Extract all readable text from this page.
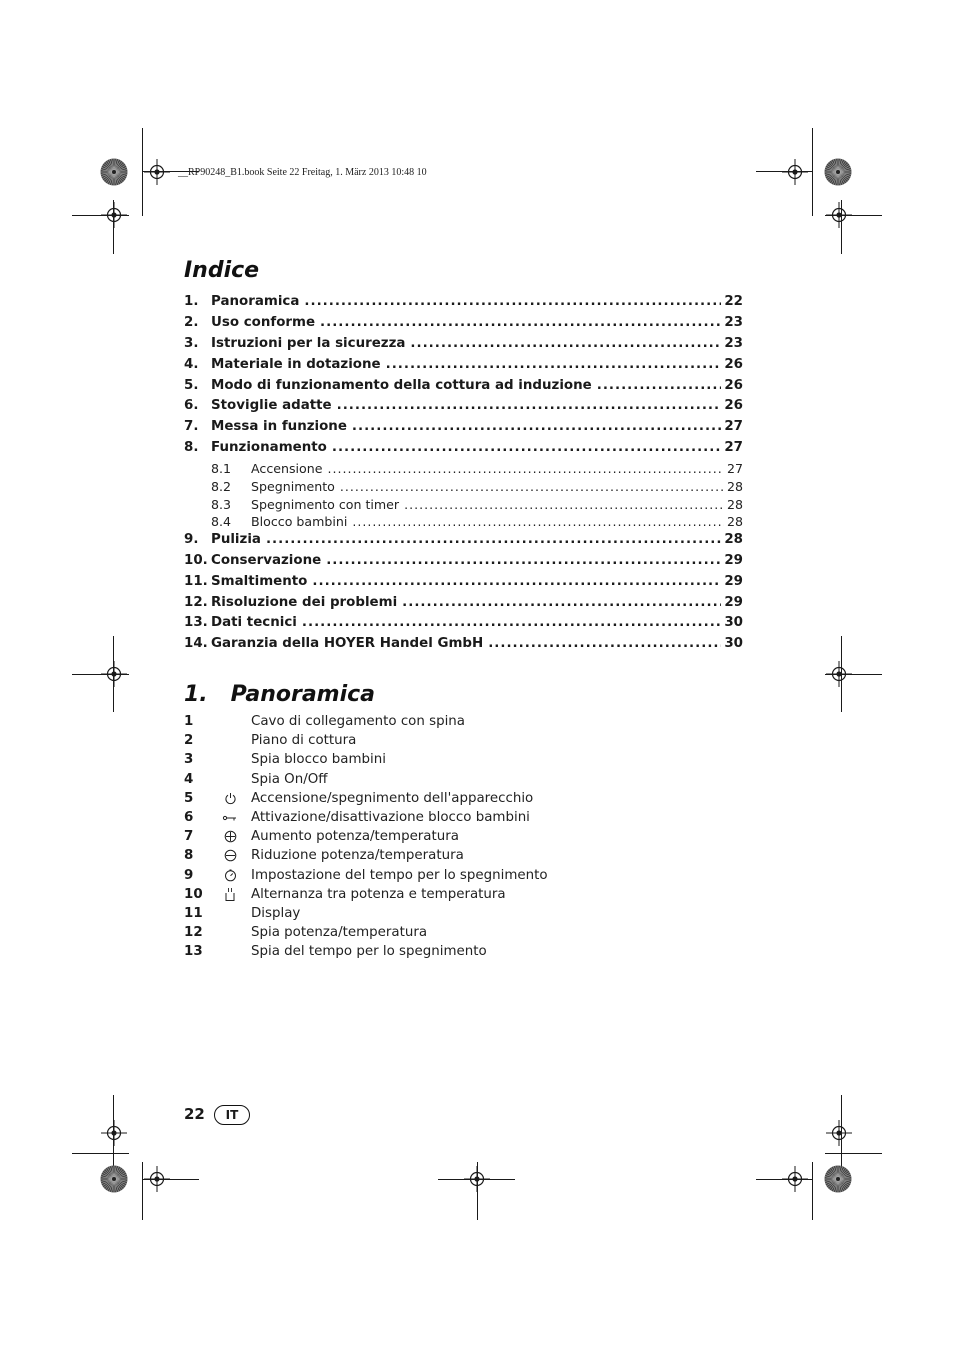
__RP90248_B1.book Seite 22 Freitag, 1. März 2013 10:48 10
Indice
1. Panoramica .....	22
2. Uso conforme .....	23
3. Istruzioni per la sicurezza .....	23
4. Materiale in dotazione .....	26
5. Modo di funzionamento della cottura ad induzione .....	26
6. Stoviglie adatte .....	26
7. Messa in funzione .....	27
8. Funzionamento .....	27
8.1	Accensione .....	27
8.2	Spegnimento .....	28
8.3	Spegnimento con timer .....	28
8.4	Blocco bambini .....	28
9. Pulizia .....	28
10. Conservazione .....	29
11. Smaltimento .....	29
12. Risoluzione dei problemi .....	29
13. Dati tecnici .....	30
14. Garanzia della HOYER Handel GmbH .....	30
1.   Panoramica
1	Cavo di collegamento con spina
2	Piano di cottura
3	Spia blocco bambini
4	Spia On/Off
5	Accensione/spegnimento dell'apparecchio
6	Attivazione/disattivazione blocco bambini
7	Aumento potenza/temperatura
8	Riduzione potenza/temperatura
9	Impostazione del tempo per lo spegnimento
10	Alternanza tra potenza e temperatura
11	Display
12	Spia potenza/temperatura
13	Spia del tempo per lo spegnimento
22	IT
